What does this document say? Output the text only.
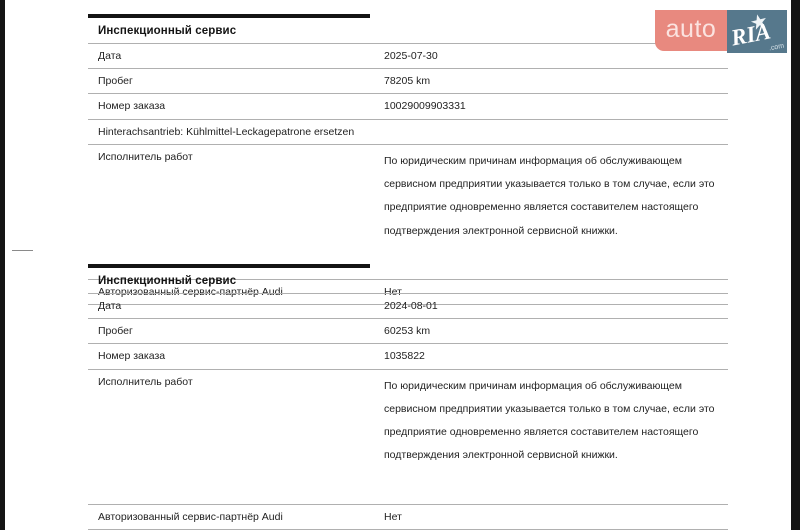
Инспекционный сервис
Дата	2025-07-30
Пробег	78205 km
Номер заказа	10029009903331
Hinterachsantrieb: Kühlmittel-Leckagepatrone ersetzen
Исполнитель работ	По юридическим причинам информация об обслуживающем
сервисном предприятии указывается только в том случае, если это
предприятие одновременно является составителем настоящего
подтверждения электронной сервисной книжки.
Авторизованный сервис-партнёр Audi	Нет
Инспекционный сервис
Дата	2024-08-01
Пробег	60253 km
Номер заказа	1035822
Исполнитель работ	По юридическим причинам информация об обслуживающем
сервисном предприятии указывается только в том случае, если это
предприятие одновременно является составителем настоящего
подтверждения электронной сервисной книжки.
Авторизованный сервис-партнёр Audi	Нет
auto RIA
.com
